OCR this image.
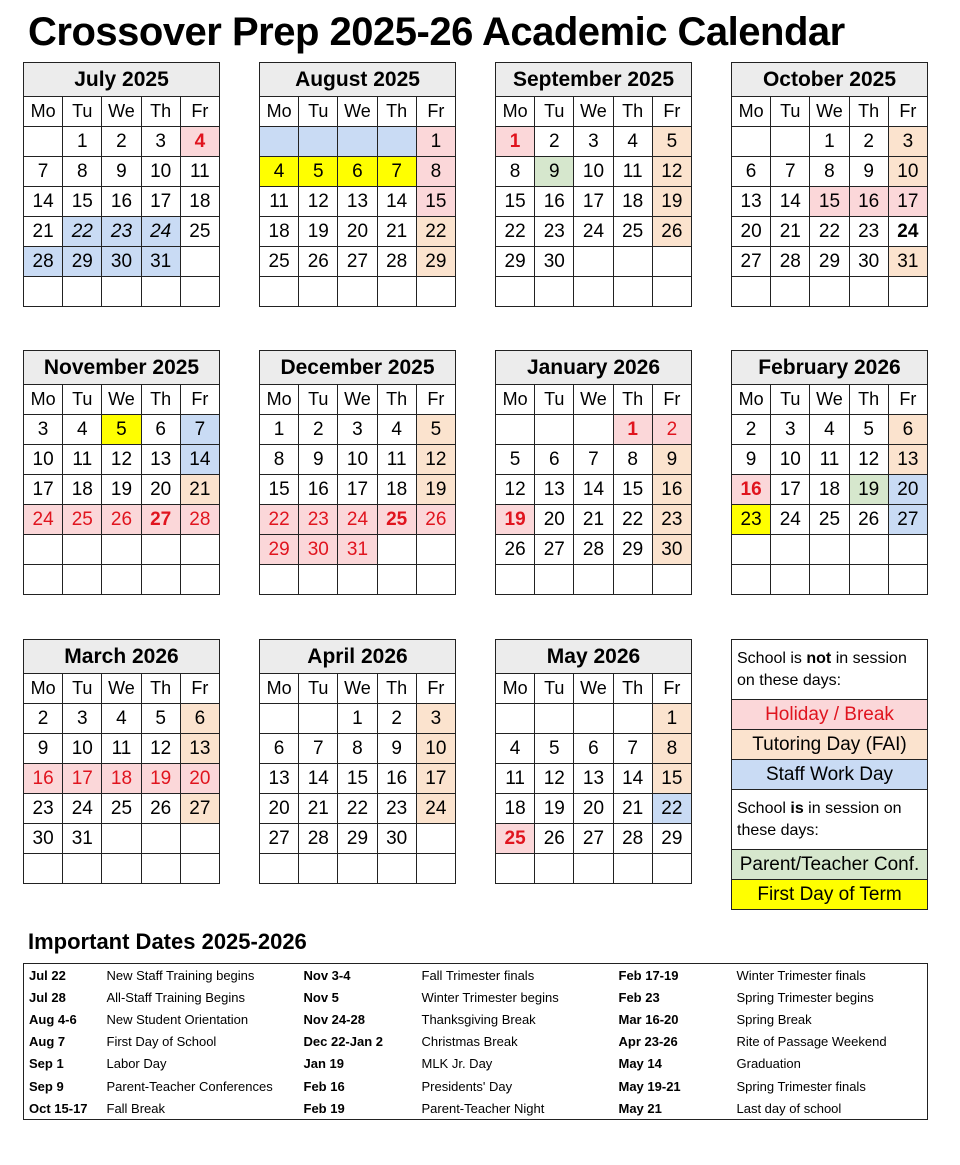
Crossover Prep 2025-26 Academic Calendar
July 2025				
Mo	Tu	We	Th	Fr
	1	2	3	4
7	8	9	10	11
14	15	16	17	18
21	22	23	24	25
28	29	30	31	

August 2025				
Mo	Tu	We	Th	Fr
				1
4	5	6	7	8
11	12	13	14	15
18	19	20	21	22
25	26	27	28	29

September 2025				
Mo	Tu	We	Th	Fr
1	2	3	4	5
8	9	10	11	12
15	16	17	18	19
22	23	24	25	26
29	30			

October 2025				
Mo	Tu	We	Th	Fr
		1	2	3
6	7	8	9	10
13	14	15	16	17
20	21	22	23	24
27	28	29	30	31

November 2025				
Mo	Tu	We	Th	Fr
3	4	5	6	7
10	11	12	13	14
17	18	19	20	21
24	25	26	27	28

December 2025				
Mo	Tu	We	Th	Fr
1	2	3	4	5
8	9	10	11	12
15	16	17	18	19
22	23	24	25	26
29	30	31		

January 2026				
Mo	Tu	We	Th	Fr
			1	2
5	6	7	8	9
12	13	14	15	16
19	20	21	22	23
26	27	28	29	30

February 2026				
Mo	Tu	We	Th	Fr
2	3	4	5	6
9	10	11	12	13
16	17	18	19	20
23	24	25	26	27

March 2026				
Mo	Tu	We	Th	Fr
2	3	4	5	6
9	10	11	12	13
16	17	18	19	20
23	24	25	26	27
30	31			

April 2026				
Mo	Tu	We	Th	Fr
		1	2	3
6	7	8	9	10
13	14	15	16	17
20	21	22	23	24
27	28	29	30	

May 2026				
Mo	Tu	We	Th	Fr
				1
4	5	6	7	8
11	12	13	14	15
18	19	20	21	22
25	26	27	28	29

School is not in session on these days:
Holiday / Break
Tutoring Day (FAI)
Staff Work Day
School is in session on these days:
Parent/Teacher Conf.
First Day of Term
Important Dates 2025-2026
Jul 22	New Staff Training begins	Nov 3-4	Fall Trimester finals	Feb 17-19	Winter Trimester finals
Jul 28	All-Staff Training Begins	Nov 5	Winter Trimester begins	Feb 23	Spring Trimester begins
Aug 4-6	New Student Orientation	Nov 24-28	Thanksgiving Break	Mar 16-20	Spring Break
Aug 7	First Day of School	Dec 22-Jan 2	Christmas Break	Apr 23-26	Rite of Passage Weekend
Sep 1	Labor Day	Jan 19	MLK Jr. Day	May 14	Graduation
Sep 9	Parent-Teacher Conferences	Feb 16	Presidents' Day	May 19-21	Spring Trimester finals
Oct 15-17	Fall Break	Feb 19	Parent-Teacher Night	May 21	Last day of school
